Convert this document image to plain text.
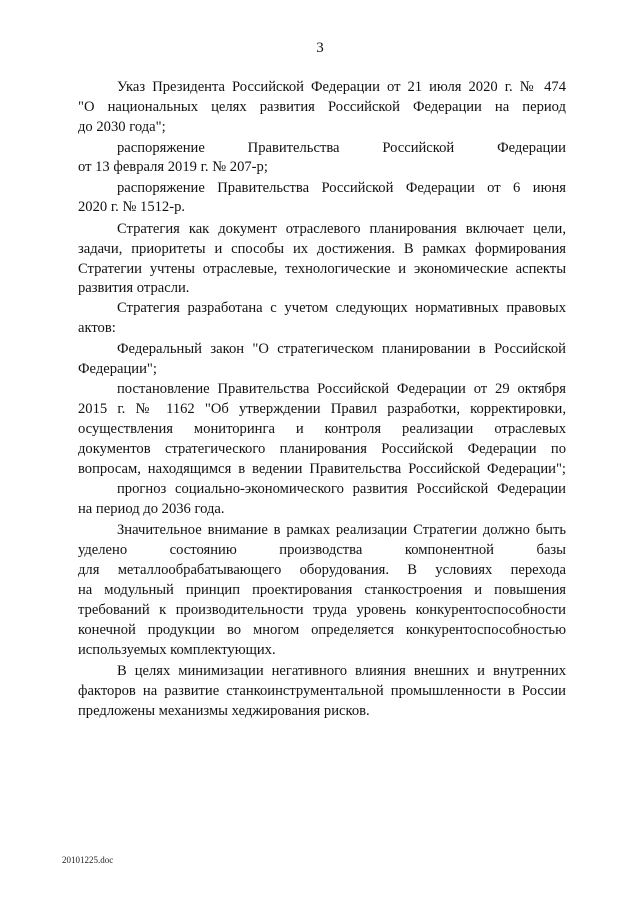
3
Указ Президента Российской Федерации от 21 июля 2020 г. № 474
"О национальных целях развития Российской Федерации на период
до 2030 года";
распоряжение Правительства Российской Федерации
от 13 февраля 2019 г. № 207-р;
распоряжение Правительства Российской Федерации от 6 июня
2020 г. № 1512-р.
Стратегия как документ отраслевого планирования включает цели,
задачи, приоритеты и способы их достижения. В рамках формирования
Стратегии учтены отраслевые, технологические и экономические аспекты
развития отрасли.
Стратегия разработана с учетом следующих нормативных правовых
актов:
Федеральный закон "О стратегическом планировании в Российской
Федерации";
постановление Правительства Российской Федерации от 29 октября
2015 г. № 1162 "Об утверждении Правил разработки, корректировки,
осуществления мониторинга и контроля реализации отраслевых
документов стратегического планирования Российской Федерации по
вопросам, находящимся в ведении Правительства Российской Федерации";
прогноз социально-экономического развития Российской Федерации
на период до 2036 года.
Значительное внимание в рамках реализации Стратегии должно быть
уделено состоянию производства компонентной базы
для металлообрабатывающего оборудования. В условиях перехода
на модульный принцип проектирования станкостроения и повышения
требований к производительности труда уровень конкурентоспособности
конечной продукции во многом определяется конкурентоспособностью
используемых комплектующих.
В целях минимизации негативного влияния внешних и внутренних
факторов на развитие станкоинструментальной промышленности в России
предложены механизмы хеджирования рисков.
20101225.doc
